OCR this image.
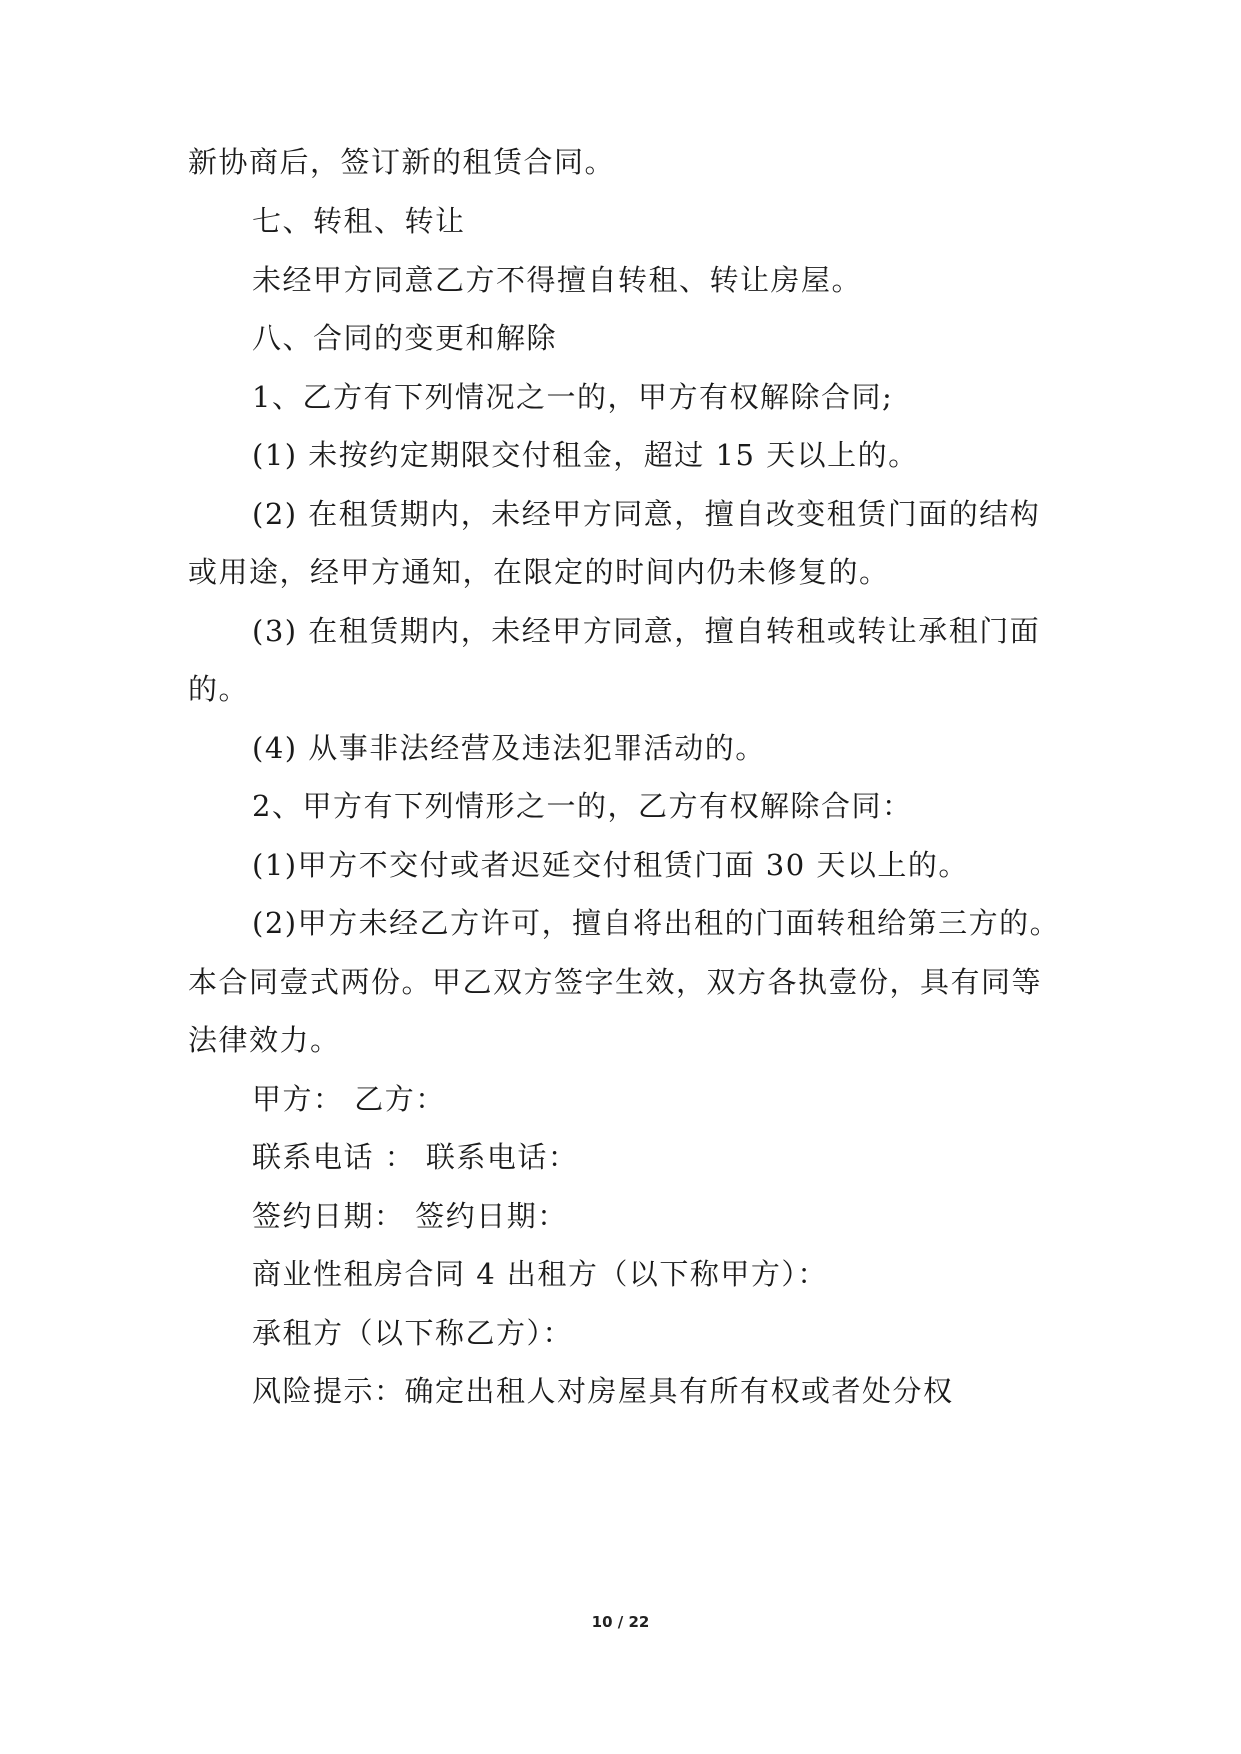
新协商后，签订新的租赁合同。
七、转租、转让
未经甲方同意乙方不得擅自转租、转让房屋。
八、合同的变更和解除
1、乙方有下列情况之一的，甲方有权解除合同;
(1) 未按约定期限交付租金，超过 15 天以上的。
(2) 在租赁期内，未经甲方同意，擅自改变租赁门面的结构
或用途，经甲方通知，在限定的时间内仍未修复的。
(3) 在租赁期内，未经甲方同意，擅自转租或转让承租门面
的。
(4) 从事非法经营及违法犯罪活动的。
2、甲方有下列情形之一的，乙方有权解除合同：
(1)甲方不交付或者迟延交付租赁门面 30 天以上的。
(2)甲方未经乙方许可，擅自将出租的门面转租给第三方的。
本合同壹式两份。甲乙双方签字生效，双方各执壹份，具有同等
法律效力。
甲方： 乙方：
联系电话 ： 联系电话：
签约日期： 签约日期：
商业性租房合同 4 出租方（以下称甲方）：
承租方（以下称乙方）：
风险提示：确定出租人对房屋具有所有权或者处分权
10 / 22
